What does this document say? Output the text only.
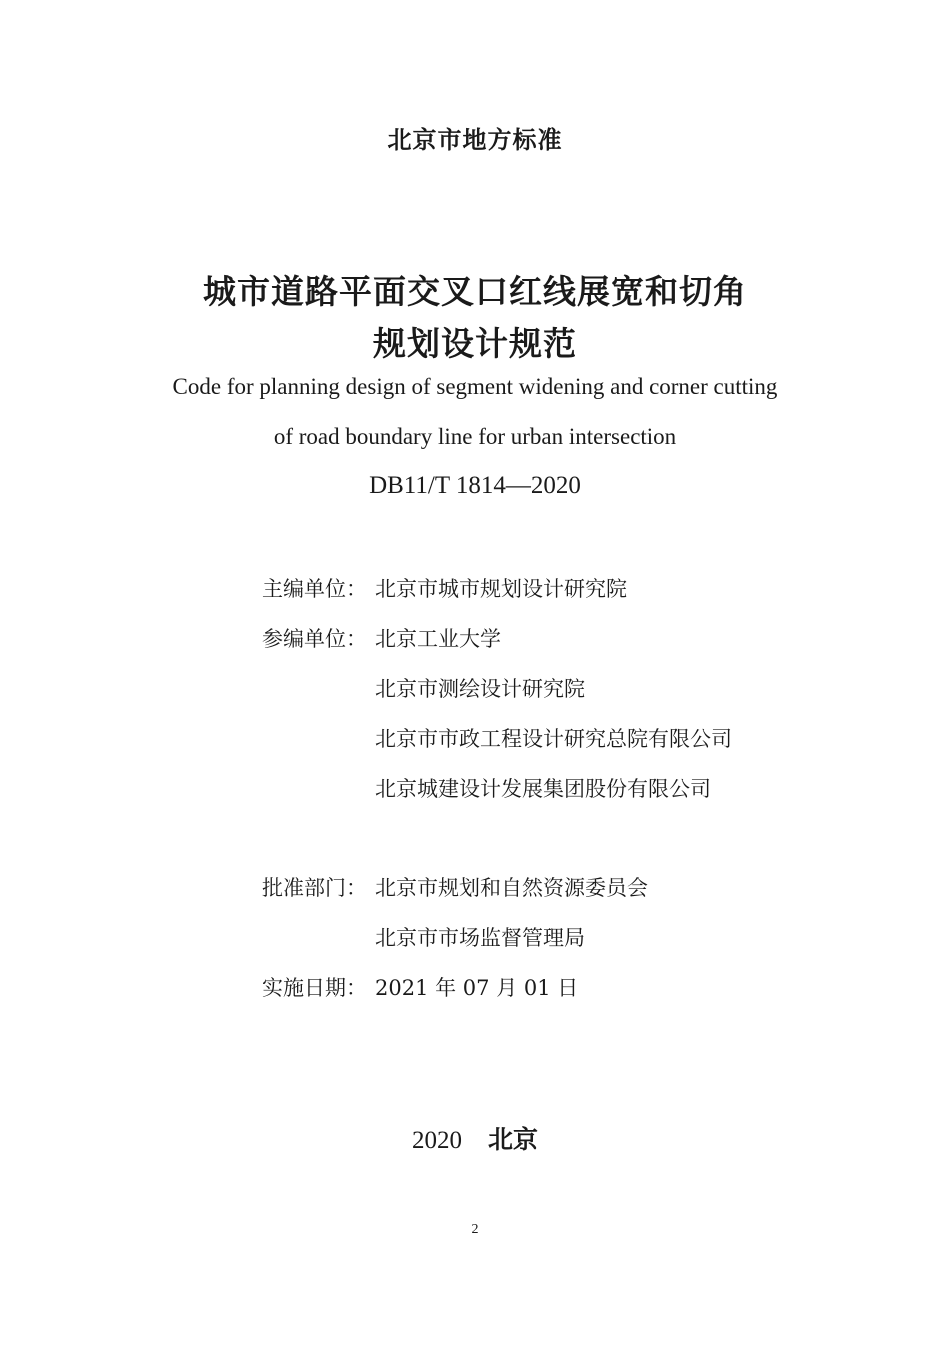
北京市地方标准
城市道路平面交叉口红线展宽和切角
规划设计规范
Code for planning design of segment widening and corner cutting
of road boundary line for urban intersection
DB11/T 1814—2020
主编单位： 北京市城市规划设计研究院
参编单位： 北京工业大学
北京市测绘设计研究院
北京市市政工程设计研究总院有限公司
北京城建设计发展集团股份有限公司
批准部门： 北京市规划和自然资源委员会
北京市市场监督管理局
实施日期： 2021 年 07 月 01 日
2020 北京
2
